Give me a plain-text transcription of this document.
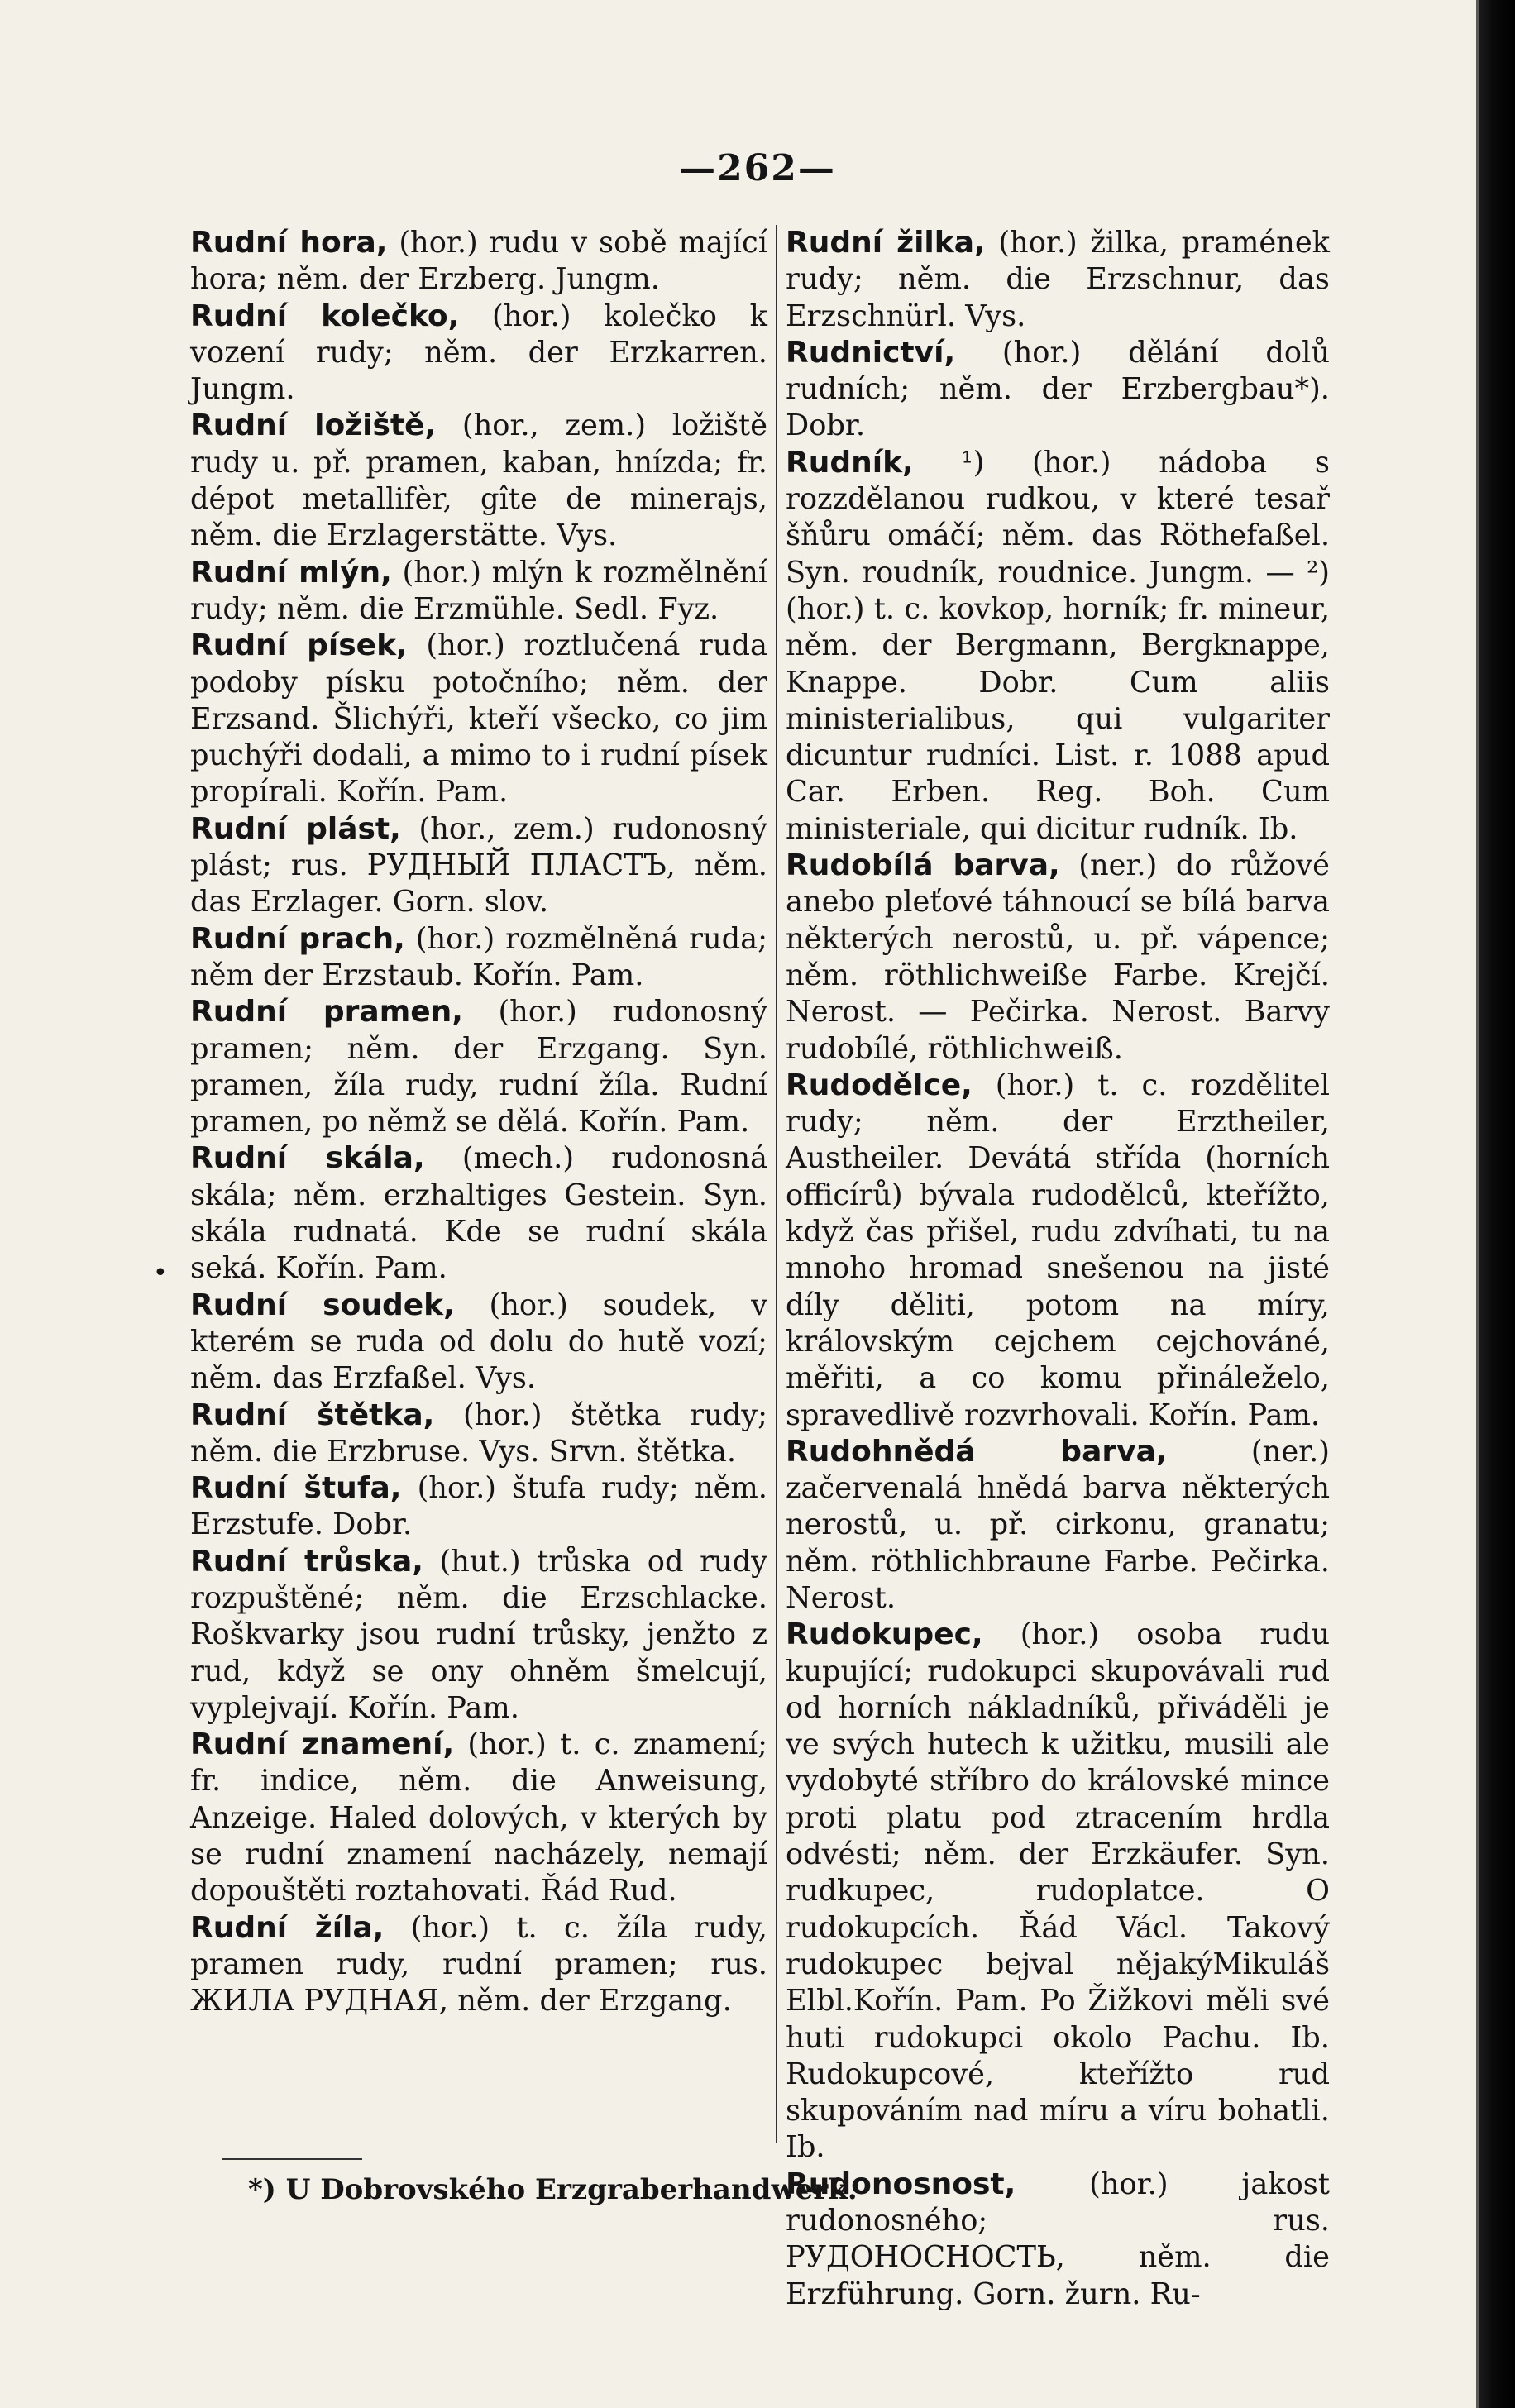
—262—

Rudní hora, (hor.) rudu v sobě mající hora; něm. der Erzberg. Jungm.

Rudní kolečko, (hor.) kolečko k vození rudy; něm. der Erzkarren. Jungm.

Rudní ložiště, (hor., zem.) ložiště rudy u. př. pramen, kaban, hnízda; fr. dépot metallifèr, gîte de minerajs, něm. die Erzlagerstätte. Vys.

Rudní mlýn, (hor.) mlýn k rozmělnění rudy; něm. die Erzmühle. Sedl. Fyz.

Rudní písek, (hor.) roztlučená ruda podoby písku potočního; něm. der Erzsand. Šlichýři, kteří všecko, co jim puchýři dodali, a mimo to i rudní písek propírali. Kořín. Pam.

Rudní plást, (hor., zem.) rudonosný plást; rus. РУДНЫЙ ПЛАСТЪ, něm. das Erzlager. Gorn. slov.

Rudní prach, (hor.) rozmělněná ruda; něm der Erzstaub. Kořín. Pam.

Rudní pramen, (hor.) rudonosný pramen; něm. der Erzgang. Syn. pramen, žíla rudy, rudní žíla. Rudní pramen, po němž se dělá. Kořín. Pam.

Rudní skála, (mech.) rudonosná skála; něm. erzhaltiges Gestein. Syn. skála rudnatá. Kde se rudní skála seká. Kořín. Pam.

Rudní soudek, (hor.) soudek, v kterém se ruda od dolu do hutě vozí; něm. das Erzfaßel. Vys.

Rudní štětka, (hor.) štětka rudy; něm. die Erzbruse. Vys. Srvn. štětka.

Rudní štufa, (hor.) štufa rudy; něm. Erzstufe. Dobr.

Rudní trůska, (hut.) trůska od rudy rozpuštěné; něm. die Erzschlacke. Roškvarky jsou rudní trůsky, jenžto z rud, když se ony ohněm šmelcují, vyplejvají. Kořín. Pam.

Rudní znamení, (hor.) t. c. znamení; fr. indice, něm. die Anweisung, Anzeige. Haled dolových, v kterých by se rudní znamení nacházely, nemají dopouštěti roztahovati. Řád Rud.

Rudní žíla, (hor.) t. c. žíla rudy, pramen rudy, rudní pramen; rus. ЖИЛА РУДНАЯ, něm. der Erzgang.

Rudní žilka, (hor.) žilka, pramének rudy; něm. die Erzschnur, das Erzschnürl. Vys.

Rudnictví, (hor.) dělání dolů rudních; něm. der Erzbergbau*). Dobr.

Rudník, ¹) (hor.) nádoba s rozzdělanou rudkou, v které tesař šňůru omáčí; něm. das Röthefaßel. Syn. roudník, roudnice. Jungm. — ²) (hor.) t. c. kovkop, horník; fr. mineur, něm. der Bergmann, Bergknappe, Knappe. Dobr. Cum aliis ministerialibus, qui vulgariter dicuntur rudníci. List. r. 1088 apud Car. Erben. Reg. Boh. Cum ministeriale, qui dicitur rudník. Ib.

Rudobílá barva, (ner.) do růžové anebo pleťové táhnoucí se bílá barva některých nerostů, u. př. vápence; něm. röthlichweiße Farbe. Krejčí. Nerost. — Pečirka. Nerost. Barvy rudobílé, röthlichweiß.

Rudodělce, (hor.) t. c. rozdělitel rudy; něm. der Erztheiler, Austheiler. Devátá střída (horních officírů) bývala rudodělců, kteřížto, když čas přišel, rudu zdvíhati, tu na mnoho hromad snešenou na jisté díly děliti, potom na míry, královským cejchem cejchováné, měřiti, a co komu přináleželo, spravedlivě rozvrhovali. Kořín. Pam.

Rudohnědá barva, (ner.) začervenalá hnědá barva některých nerostů, u. př. cirkonu, granatu; něm. röthlichbraune Farbe. Pečirka. Nerost.

Rudokupec, (hor.) osoba rudu kupující; rudokupci skupovávali rud od horních nákladníků, přiváděli je ve svých hutech k užitku, musili ale vydobyté stříbro do královské mince proti platu pod ztracením hrdla odvésti; něm. der Erzkäufer. Syn. rudkupec, rudoplatce. O rudokupcích. Řád Václ. Takový rudokupec bejval nějakýMikuláš Elbl.Kořín. Pam. Po Žižkovi měli své huti rudokupci okolo Pachu. Ib. Rudokupcové, kteřížto rud skupováním nad míru a víru bohatli. Ib.

Rudonosnost, (hor.) jakost rudonosného; rus. РУДОНОСНОСТЬ, něm. die Erzführung. Gorn. žurn. Ru-

•
*) U Dobrovského Erzgraberhandwerk.
